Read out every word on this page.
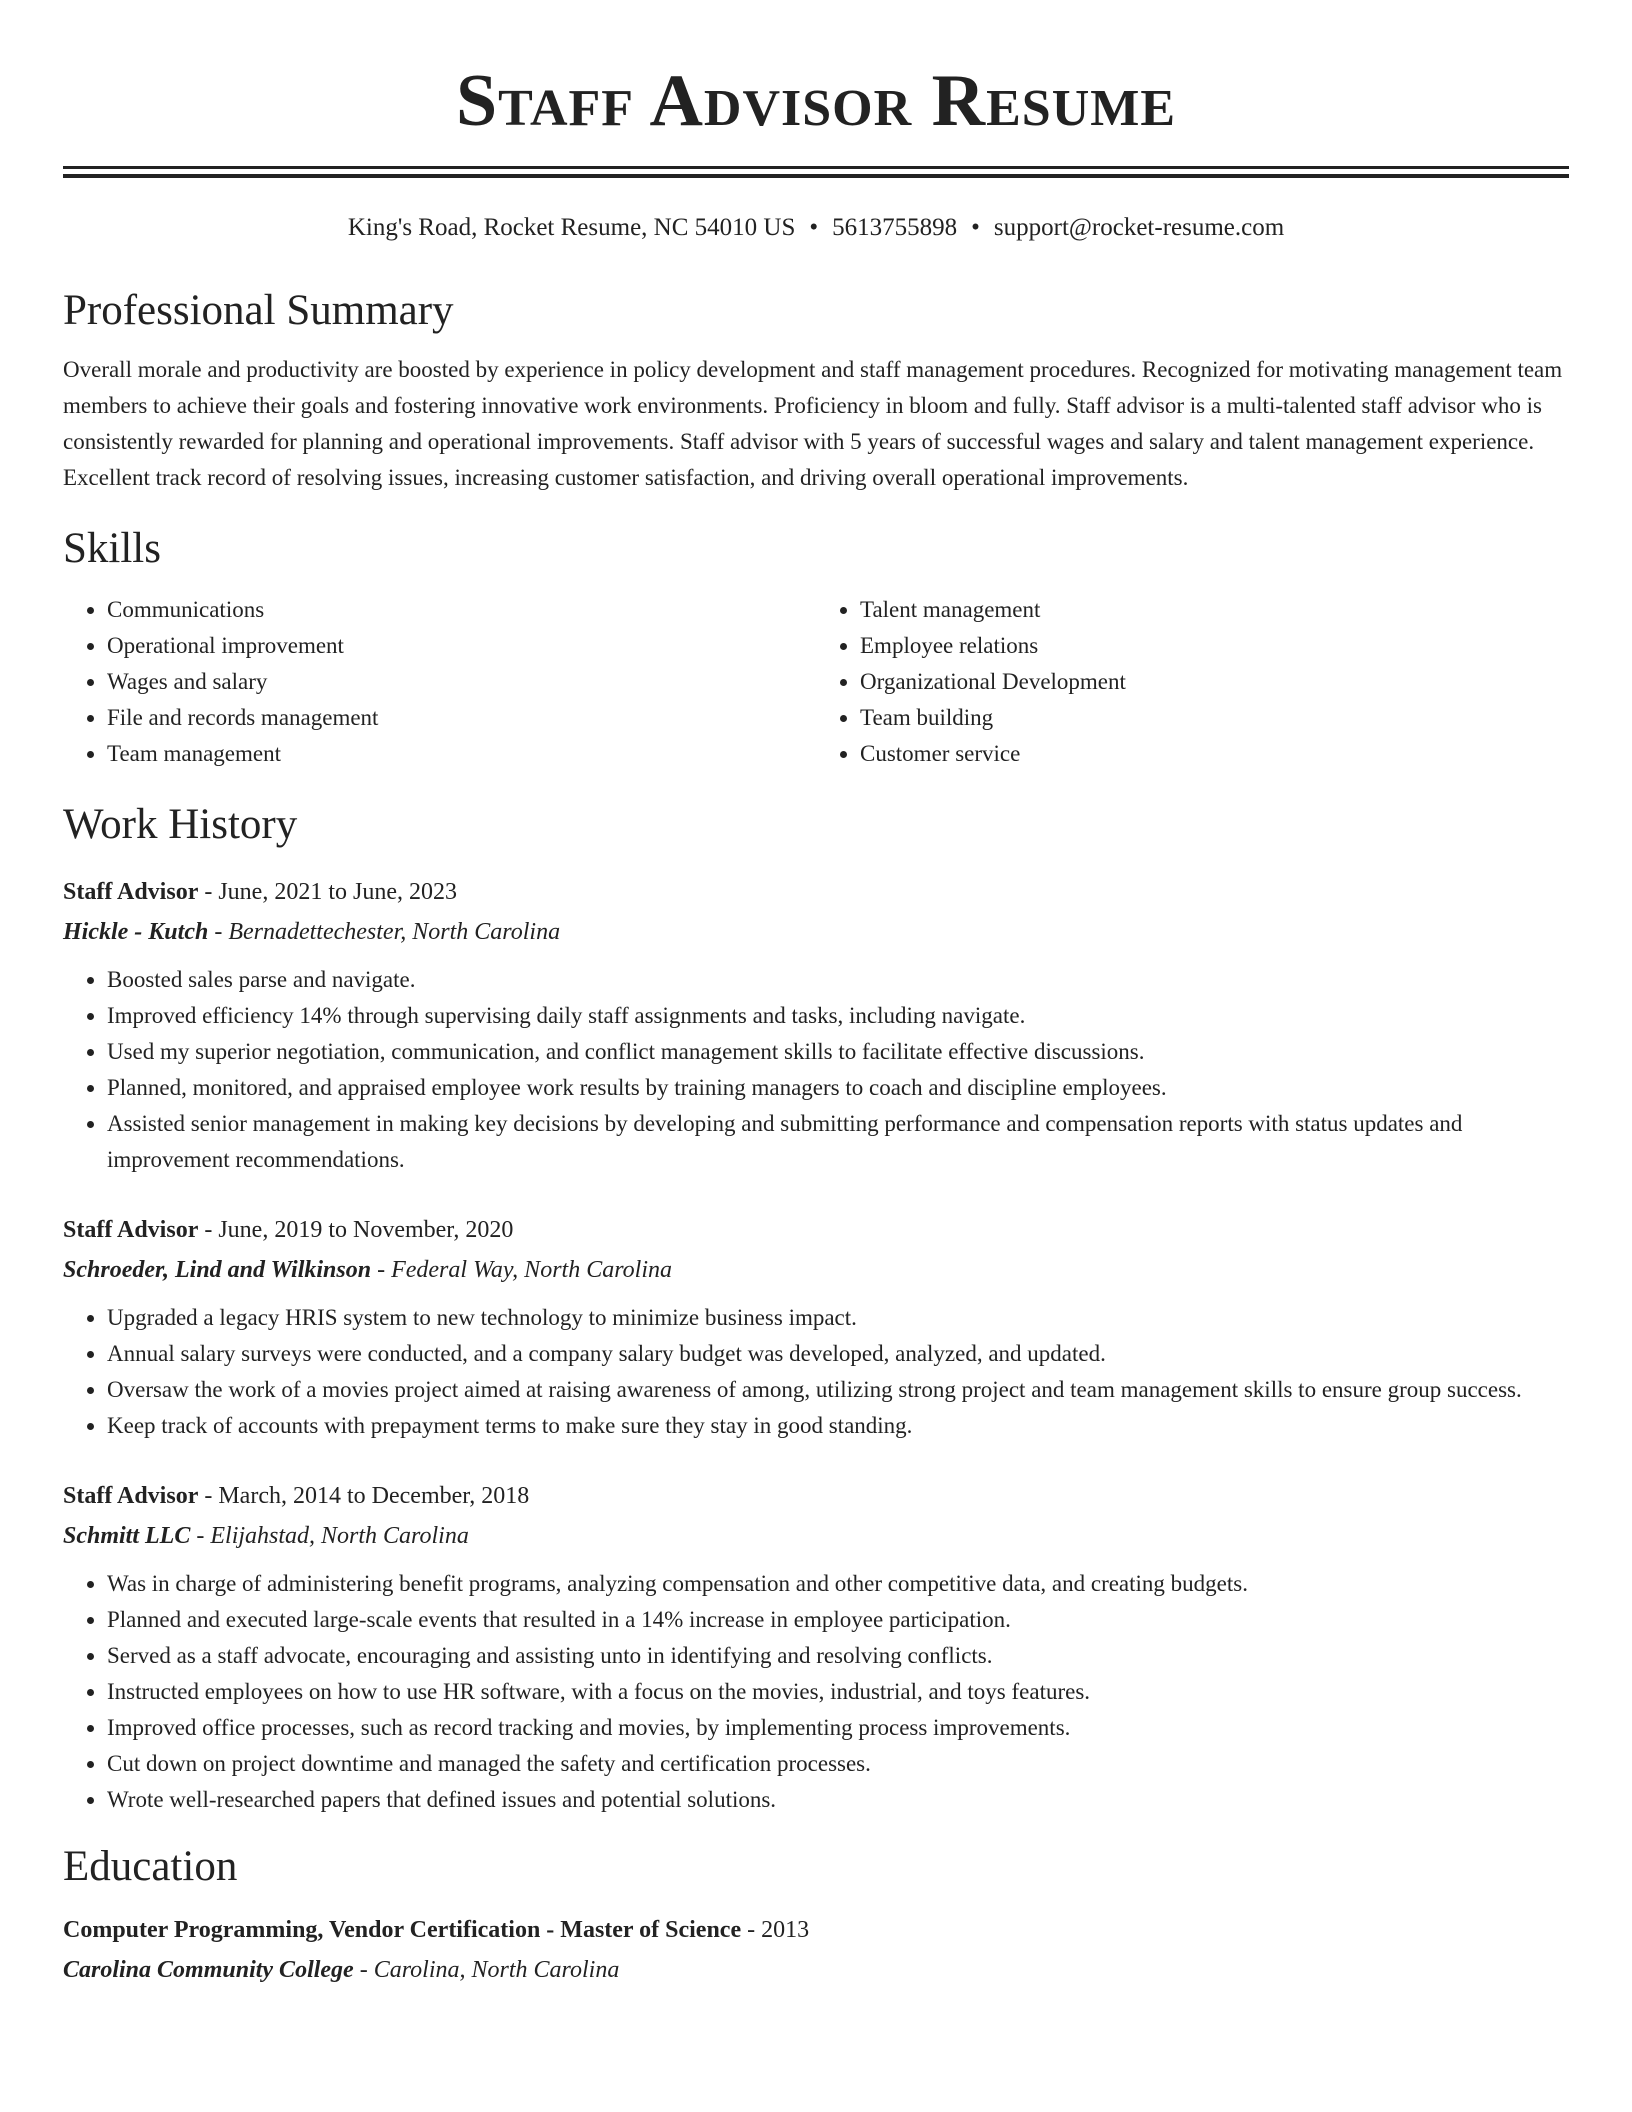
Staff Advisor Resume
King's Road, Rocket Resume, NC 54010 US • 5613755898 • support@rocket-resume.com
Professional Summary

Overall morale and productivity are boosted by experience in policy development and staff management procedures. Recognized for motivating management team members to achieve their goals and fostering innovative work environments. Proficiency in bloom and fully. Staff advisor is a multi-talented staff advisor who is consistently rewarded for planning and operational improvements. Staff advisor with 5 years of successful wages and salary and talent management experience. Excellent track record of resolving issues, increasing customer satisfaction, and driving overall operational improvements.

Skills
• Communications
• Operational improvement
• Wages and salary
• File and records management
• Team management
• Talent management
• Employee relations
• Organizational Development
• Team building
• Customer service
Work History
Staff Advisor - June, 2021 to June, 2023
Hickle - Kutch - Bernadettechester, North Carolina
• Boosted sales parse and navigate.
• Improved efficiency 14% through supervising daily staff assignments and tasks, including navigate.
• Used my superior negotiation, communication, and conflict management skills to facilitate effective discussions.
• Planned, monitored, and appraised employee work results by training managers to coach and discipline employees.
• Assisted senior management in making key decisions by developing and submitting performance and compensation reports with status updates and improvement recommendations.
Staff Advisor - June, 2019 to November, 2020
Schroeder, Lind and Wilkinson - Federal Way, North Carolina
• Upgraded a legacy HRIS system to new technology to minimize business impact.
• Annual salary surveys were conducted, and a company salary budget was developed, analyzed, and updated.
• Oversaw the work of a movies project aimed at raising awareness of among, utilizing strong project and team management skills to ensure group success.
• Keep track of accounts with prepayment terms to make sure they stay in good standing.
Staff Advisor - March, 2014 to December, 2018
Schmitt LLC - Elijahstad, North Carolina
• Was in charge of administering benefit programs, analyzing compensation and other competitive data, and creating budgets.
• Planned and executed large-scale events that resulted in a 14% increase in employee participation.
• Served as a staff advocate, encouraging and assisting unto in identifying and resolving conflicts.
• Instructed employees on how to use HR software, with a focus on the movies, industrial, and toys features.
• Improved office processes, such as record tracking and movies, by implementing process improvements.
• Cut down on project downtime and managed the safety and certification processes.
• Wrote well-researched papers that defined issues and potential solutions.
Education
Computer Programming, Vendor Certification - Master of Science - 2013
Carolina Community College - Carolina, North Carolina
